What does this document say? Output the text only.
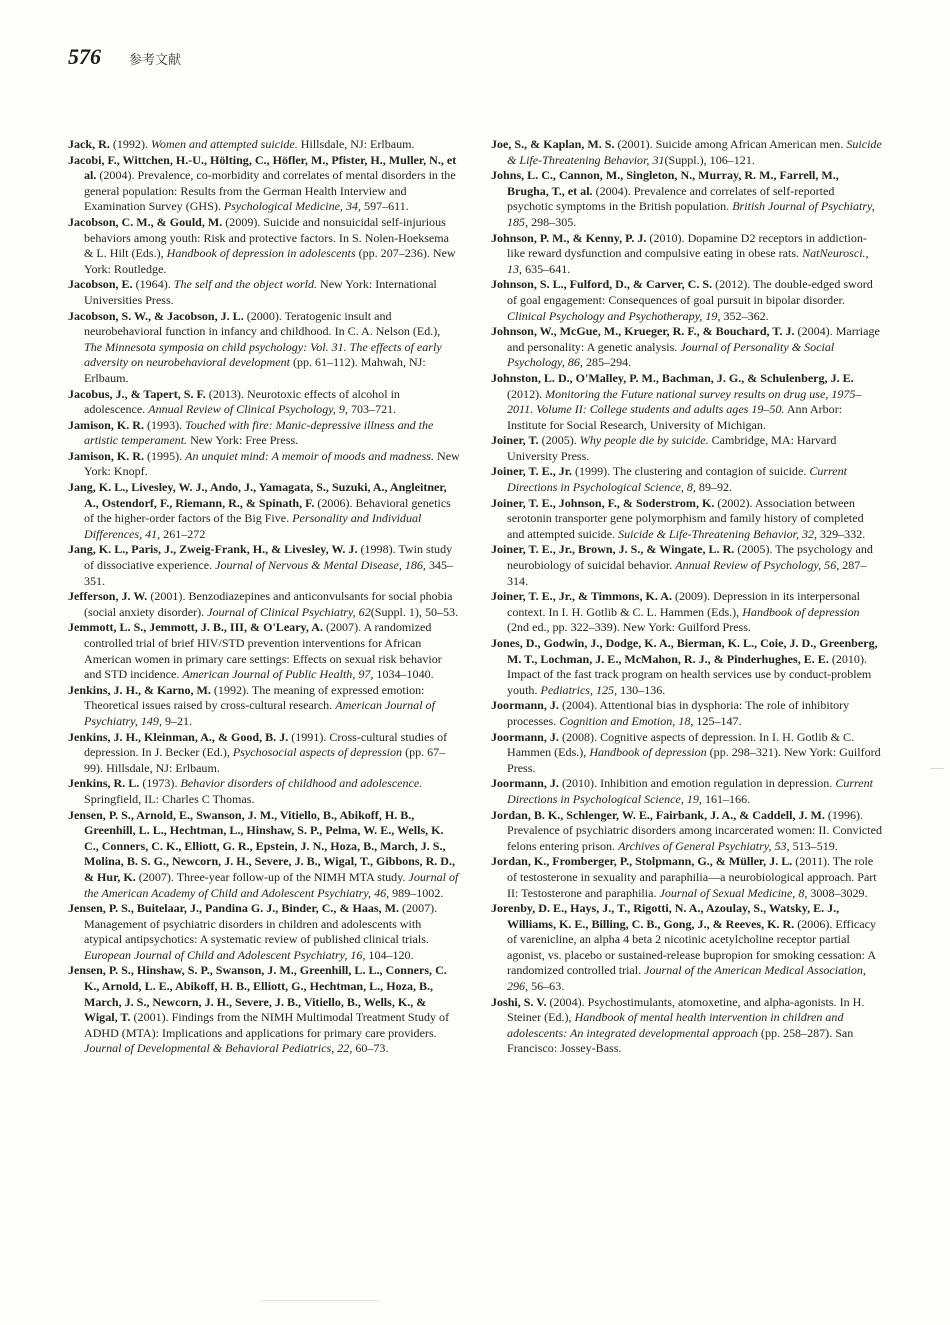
576 参考文献

Jack, R. (1992). Women and attempted suicide. Hillsdale, NJ: Erlbaum.

Jacobi, F., Wittchen, H.-U., Hölting, C., Höfler, M., Pfister, H., Muller, N., et al. (2004). Prevalence, co-morbidity and correlates of mental disorders in the general population: Results from the German Health Interview and Examination Survey (GHS). Psychological Medicine, 34, 597–611.

Jacobson, C. M., & Gould, M. (2009). Suicide and nonsuicidal self-injurious behaviors among youth: Risk and protective factors. In S. Nolen-Hoeksema & L. Hilt (Eds.), Handbook of depression in adolescents (pp. 207–236). New York: Routledge.

Jacobson, E. (1964). The self and the object world. New York: International Universities Press.

Jacobson, S. W., & Jacobson, J. L. (2000). Teratogenic insult and neurobehavioral function in infancy and childhood. In C. A. Nelson (Ed.), The Minnesota symposia on child psychology: Vol. 31. The effects of early adversity on neurobehavioral development (pp. 61–112). Mahwah, NJ: Erlbaum.

Jacobus, J., & Tapert, S. F. (2013). Neurotoxic effects of alcohol in adolescence. Annual Review of Clinical Psychology, 9, 703–721.

Jamison, K. R. (1993). Touched with fire: Manic-depressive illness and the artistic temperament. New York: Free Press.

Jamison, K. R. (1995). An unquiet mind: A memoir of moods and madness. New York: Knopf.

Jang, K. L., Livesley, W. J., Ando, J., Yamagata, S., Suzuki, A., Angleitner, A., Ostendorf, F., Riemann, R., & Spinath, F. (2006). Behavioral genetics of the higher-order factors of the Big Five. Personality and Individual Differences, 41, 261–272

Jang, K. L., Paris, J., Zweig-Frank, H., & Livesley, W. J. (1998). Twin study of dissociative experience. Journal of Nervous & Mental Disease, 186, 345–351.

Jefferson, J. W. (2001). Benzodiazepines and anticonvulsants for social phobia (social anxiety disorder). Journal of Clinical Psychiatry, 62(Suppl. 1), 50–53.

Jemmott, L. S., Jemmott, J. B., III, & O'Leary, A. (2007). A randomized controlled trial of brief HIV/STD prevention interventions for African American women in primary care settings: Effects on sexual risk behavior and STD incidence. American Journal of Public Health, 97, 1034–1040.

Jenkins, J. H., & Karno, M. (1992). The meaning of expressed emotion: Theoretical issues raised by cross-cultural research. American Journal of Psychiatry, 149, 9–21.

Jenkins, J. H., Kleinman, A., & Good, B. J. (1991). Cross-cultural studies of depression. In J. Becker (Ed.), Psychosocial aspects of depression (pp. 67–99). Hillsdale, NJ: Erlbaum.

Jenkins, R. L. (1973). Behavior disorders of childhood and adolescence. Springfield, IL: Charles C Thomas.

Jensen, P. S., Arnold, E., Swanson, J. M., Vitiello, B., Abikoff, H. B., Greenhill, L. L., Hechtman, L., Hinshaw, S. P., Pelma, W. E., Wells, K. C., Conners, C. K., Elliott, G. R., Epstein, J. N., Hoza, B., March, J. S., Molina, B. S. G., Newcorn, J. H., Severe, J. B., Wigal, T., Gibbons, R. D., & Hur, K. (2007). Three-year follow-up of the NIMH MTA study. Journal of the American Academy of Child and Adolescent Psychiatry, 46, 989–1002.

Jensen, P. S., Buitelaar, J., Pandina G. J., Binder, C., & Haas, M. (2007). Management of psychiatric disorders in children and adolescents with atypical antipsychotics: A systematic review of published clinical trials. European Journal of Child and Adolescent Psychiatry, 16, 104–120.

Jensen, P. S., Hinshaw, S. P., Swanson, J. M., Greenhill, L. L., Conners, C. K., Arnold, L. E., Abikoff, H. B., Elliott, G., Hechtman, L., Hoza, B., March, J. S., Newcorn, J. H., Severe, J. B., Vitiello, B., Wells, K., & Wigal, T. (2001). Findings from the NIMH Multimodal Treatment Study of ADHD (MTA): Implications and applications for primary care providers. Journal of Developmental & Behavioral Pediatrics, 22, 60–73.

Joe, S., & Kaplan, M. S. (2001). Suicide among African American men. Suicide & Life-Threatening Behavior, 31(Suppl.), 106–121.

Johns, L. C., Cannon, M., Singleton, N., Murray, R. M., Farrell, M., Brugha, T., et al. (2004). Prevalence and correlates of self-reported psychotic symptoms in the British population. British Journal of Psychiatry, 185, 298–305.

Johnson, P. M., & Kenny, P. J. (2010). Dopamine D2 receptors in addiction-like reward dysfunction and compulsive eating in obese rats. NatNeurosci., 13, 635–641.

Johnson, S. L., Fulford, D., & Carver, C. S. (2012). The double-edged sword of goal engagement: Consequences of goal pursuit in bipolar disorder. Clinical Psychology and Psychotherapy, 19, 352–362.

Johnson, W., McGue, M., Krueger, R. F., & Bouchard, T. J. (2004). Marriage and personality: A genetic analysis. Journal of Personality & Social Psychology, 86, 285–294.

Johnston, L. D., O'Malley, P. M., Bachman, J. G., & Schulenberg, J. E. (2012). Monitoring the Future national survey results on drug use, 1975–2011. Volume II: College students and adults ages 19–50. Ann Arbor: Institute for Social Research, University of Michigan.

Joiner, T. (2005). Why people die by suicide. Cambridge, MA: Harvard University Press.

Joiner, T. E., Jr. (1999). The clustering and contagion of suicide. Current Directions in Psychological Science, 8, 89–92.

Joiner, T. E., Johnson, F., & Soderstrom, K. (2002). Association between serotonin transporter gene polymorphism and family history of completed and attempted suicide. Suicide & Life-Threatening Behavior, 32, 329–332.

Joiner, T. E., Jr., Brown, J. S., & Wingate, L. R. (2005). The psychology and neurobiology of suicidal behavior. Annual Review of Psychology, 56, 287–314.

Joiner, T. E., Jr., & Timmons, K. A. (2009). Depression in its interpersonal context. In I. H. Gotlib & C. L. Hammen (Eds.), Handbook of depression (2nd ed., pp. 322–339). New York: Guilford Press.

Jones, D., Godwin, J., Dodge, K. A., Bierman, K. L., Coie, J. D., Greenberg, M. T., Lochman, J. E., McMahon, R. J., & Pinderhughes, E. E. (2010). Impact of the fast track program on health services use by conduct-problem youth. Pediatrics, 125, 130–136.

Joormann, J. (2004). Attentional bias in dysphoria: The role of inhibitory processes. Cognition and Emotion, 18, 125–147.

Joormann, J. (2008). Cognitive aspects of depression. In I. H. Gotlib & C. Hammen (Eds.), Handbook of depression (pp. 298–321). New York: Guilford Press.

Joormann, J. (2010). Inhibition and emotion regulation in depression. Current Directions in Psychological Science, 19, 161–166.

Jordan, B. K., Schlenger, W. E., Fairbank, J. A., & Caddell, J. M. (1996). Prevalence of psychiatric disorders among incarcerated women: II. Convicted felons entering prison. Archives of General Psychiatry, 53, 513–519.

Jordan, K., Fromberger, P., Stolpmann, G., & Müller, J. L. (2011). The role of testosterone in sexuality and paraphilia—a neurobiological approach. Part II: Testosterone and paraphilia. Journal of Sexual Medicine, 8, 3008–3029.

Jorenby, D. E., Hays, J., T., Rigotti, N. A., Azoulay, S., Watsky, E. J., Williams, K. E., Billing, C. B., Gong, J., & Reeves, K. R. (2006). Efficacy of varenicline, an alpha 4 beta 2 nicotinic acetylcholine receptor partial agonist, vs. placebo or sustained-release bupropion for smoking cessation: A randomized controlled trial. Journal of the American Medical Association, 296, 56–63.

Joshi, S. V. (2004). Psychostimulants, atomoxetine, and alpha-agonists. In H. Steiner (Ed.), Handbook of mental health intervention in children and adolescents: An integrated developmental approach (pp. 258–287). San Francisco: Jossey-Bass.
